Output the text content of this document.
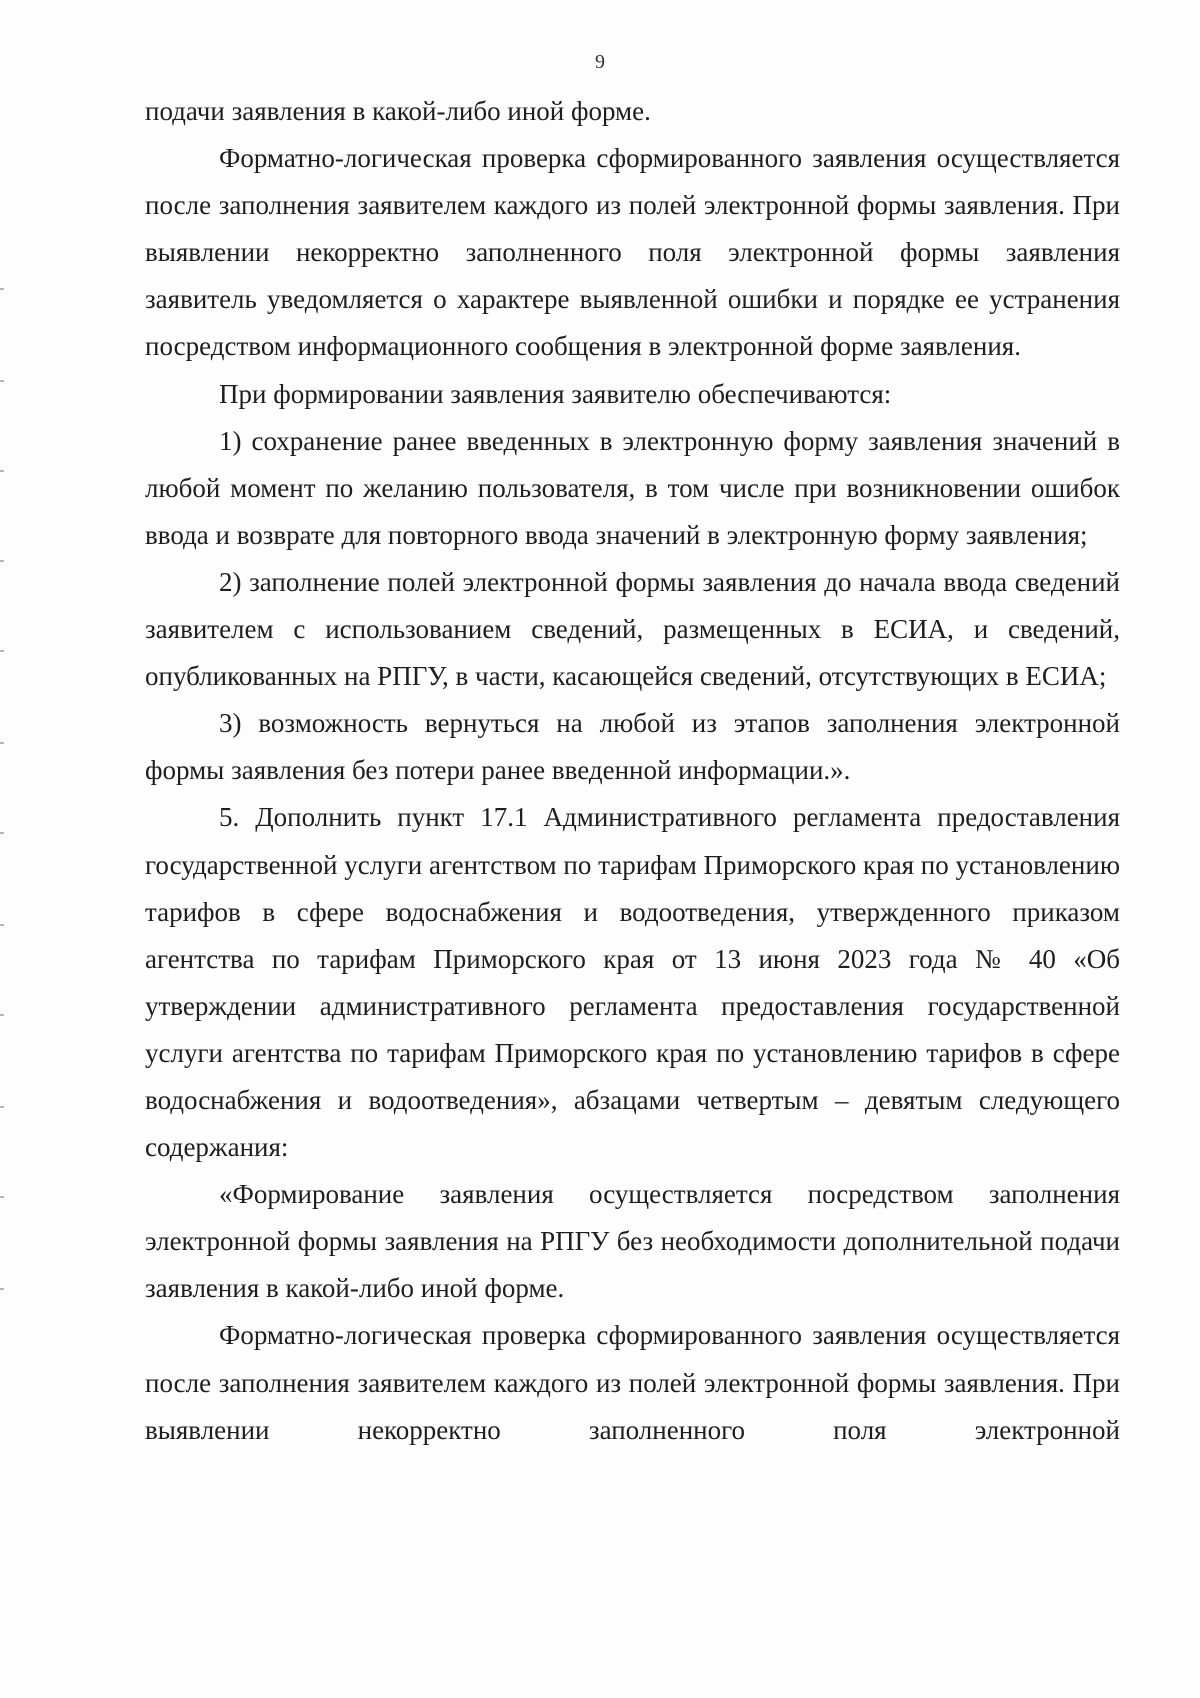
9

подачи заявления в какой-либо иной форме.

Форматно-логическая проверка сформированного заявления осуществляется после заполнения заявителем каждого из полей электронной формы заявления. При выявлении некорректно заполненного поля электронной формы заявления заявитель уведомляется о характере выявленной ошибки и порядке ее устранения посредством информационного сообщения в электронной форме заявления.

При формировании заявления заявителю обеспечиваются:

1) сохранение ранее введенных в электронную форму заявления значений в любой момент по желанию пользователя, в том числе при возникновении ошибок ввода и возврате для повторного ввода значений в электронную форму заявления;

2) заполнение полей электронной формы заявления до начала ввода сведений заявителем с использованием сведений, размещенных в ЕСИА, и сведений, опубликованных на РПГУ, в части, касающейся сведений, отсутствующих в ЕСИА;

3) возможность вернуться на любой из этапов заполнения электронной формы заявления без потери ранее введенной информации.».

5. Дополнить пункт 17.1 Административного регламента предоставления государственной услуги агентством по тарифам Приморского края по установлению тарифов в сфере водоснабжения и водоотведения, утвержденного приказом агентства по тарифам Приморского края от 13 июня 2023 года № 40 «Об утверждении административного регламента предоставления государственной услуги агентства по тарифам Приморского края по установлению тарифов в сфере водоснабжения и водоотведения», абзацами четвертым – девятым следующего содержания:

«Формирование заявления осуществляется посредством заполнения электронной формы заявления на РПГУ без необходимости дополнительной подачи заявления в какой-либо иной форме.

Форматно-логическая проверка сформированного заявления осуществляется после заполнения заявителем каждого из полей электронной формы заявления. При выявлении некорректно заполненного поля электронной
